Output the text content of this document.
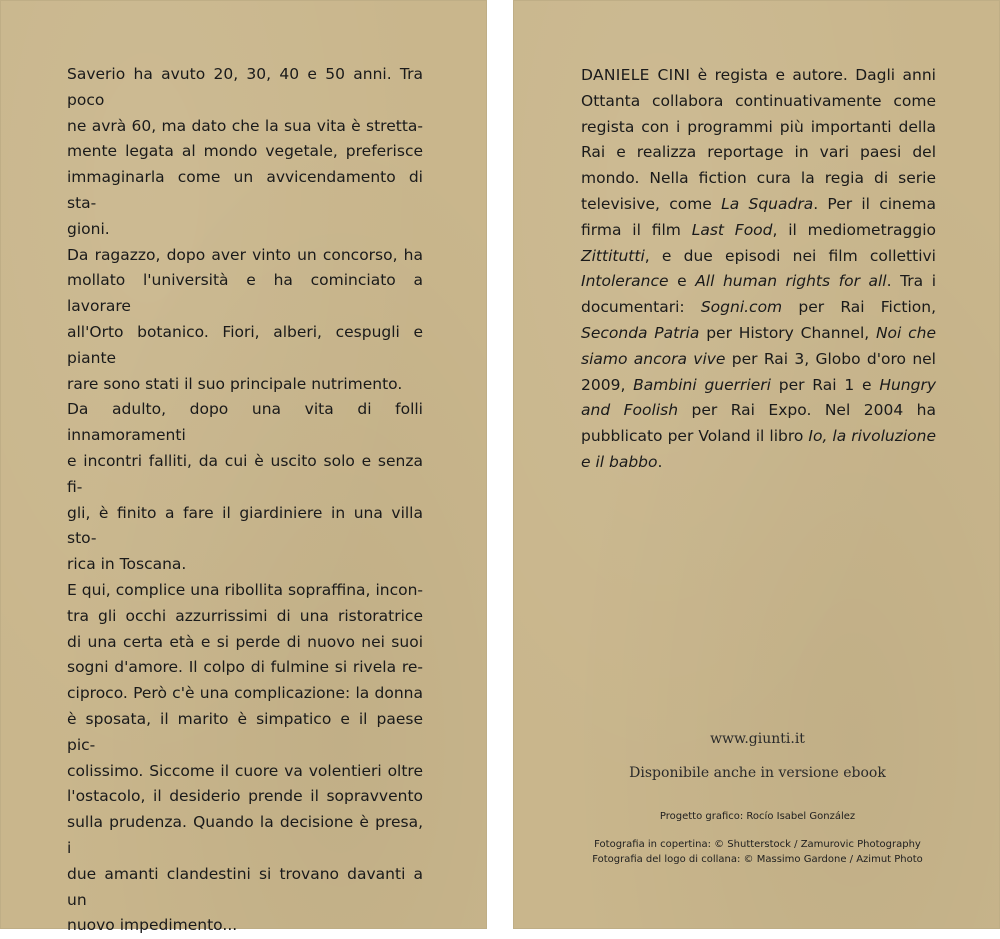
Saverio ha avuto 20, 30, 40 e 50 anni. Tra poco
ne avrà 60, ma dato che la sua vita è stretta-
mente legata al mondo vegetale, preferisce
immaginarla come un avvicendamento di sta-
gioni.
Da ragazzo, dopo aver vinto un concorso, ha
mollato l'università e ha cominciato a lavorare
all'Orto botanico. Fiori, alberi, cespugli e piante
rare sono stati il suo principale nutrimento.
Da adulto, dopo una vita di folli innamoramenti
e incontri falliti, da cui è uscito solo e senza fi-
gli, è finito a fare il giardiniere in una villa sto-
rica in Toscana.
E qui, complice una ribollita sopraffina, incon-
tra gli occhi azzurrissimi di una ristoratrice
di una certa età e si perde di nuovo nei suoi
sogni d'amore. Il colpo di fulmine si rivela re-
ciproco. Però c'è una complicazione: la donna
è sposata, il marito è simpatico e il paese pic-
colissimo. Siccome il cuore va volentieri oltre
l'ostacolo, il desiderio prende il sopravvento
sulla prudenza. Quando la decisione è presa, i
due amanti clandestini si trovano davanti a un
nuovo impedimento...
DANIELE CINI è regista e autore. Dagli anni Ottanta collabora continuativamente come regista con i programmi più importanti della Rai e realizza reportage in vari paesi del mondo. Nella fiction cura la regia di serie televisive, come La Squadra. Per il cinema firma il film Last Food, il mediometraggio Zittitutti, e due episodi nei film collettivi Intolerance e All human rights for all. Tra i documentari: Sogni.com per Rai Fiction, Seconda Patria per History Channel, Noi che siamo ancora vive per Rai 3, Globo d'oro nel 2009, Bambini guerrieri per Rai 1 e Hungry and Foolish per Rai Expo. Nel 2004 ha pubblicato per Voland il libro Io, la rivoluzione e il babbo.
www.giunti.it
Disponibile anche in versione ebook
Progetto grafico: Rocío Isabel González
Fotografia in copertina: © Shutterstock / Zamurovic Photography
Fotografia del logo di collana: © Massimo Gardone / Azimut Photo
